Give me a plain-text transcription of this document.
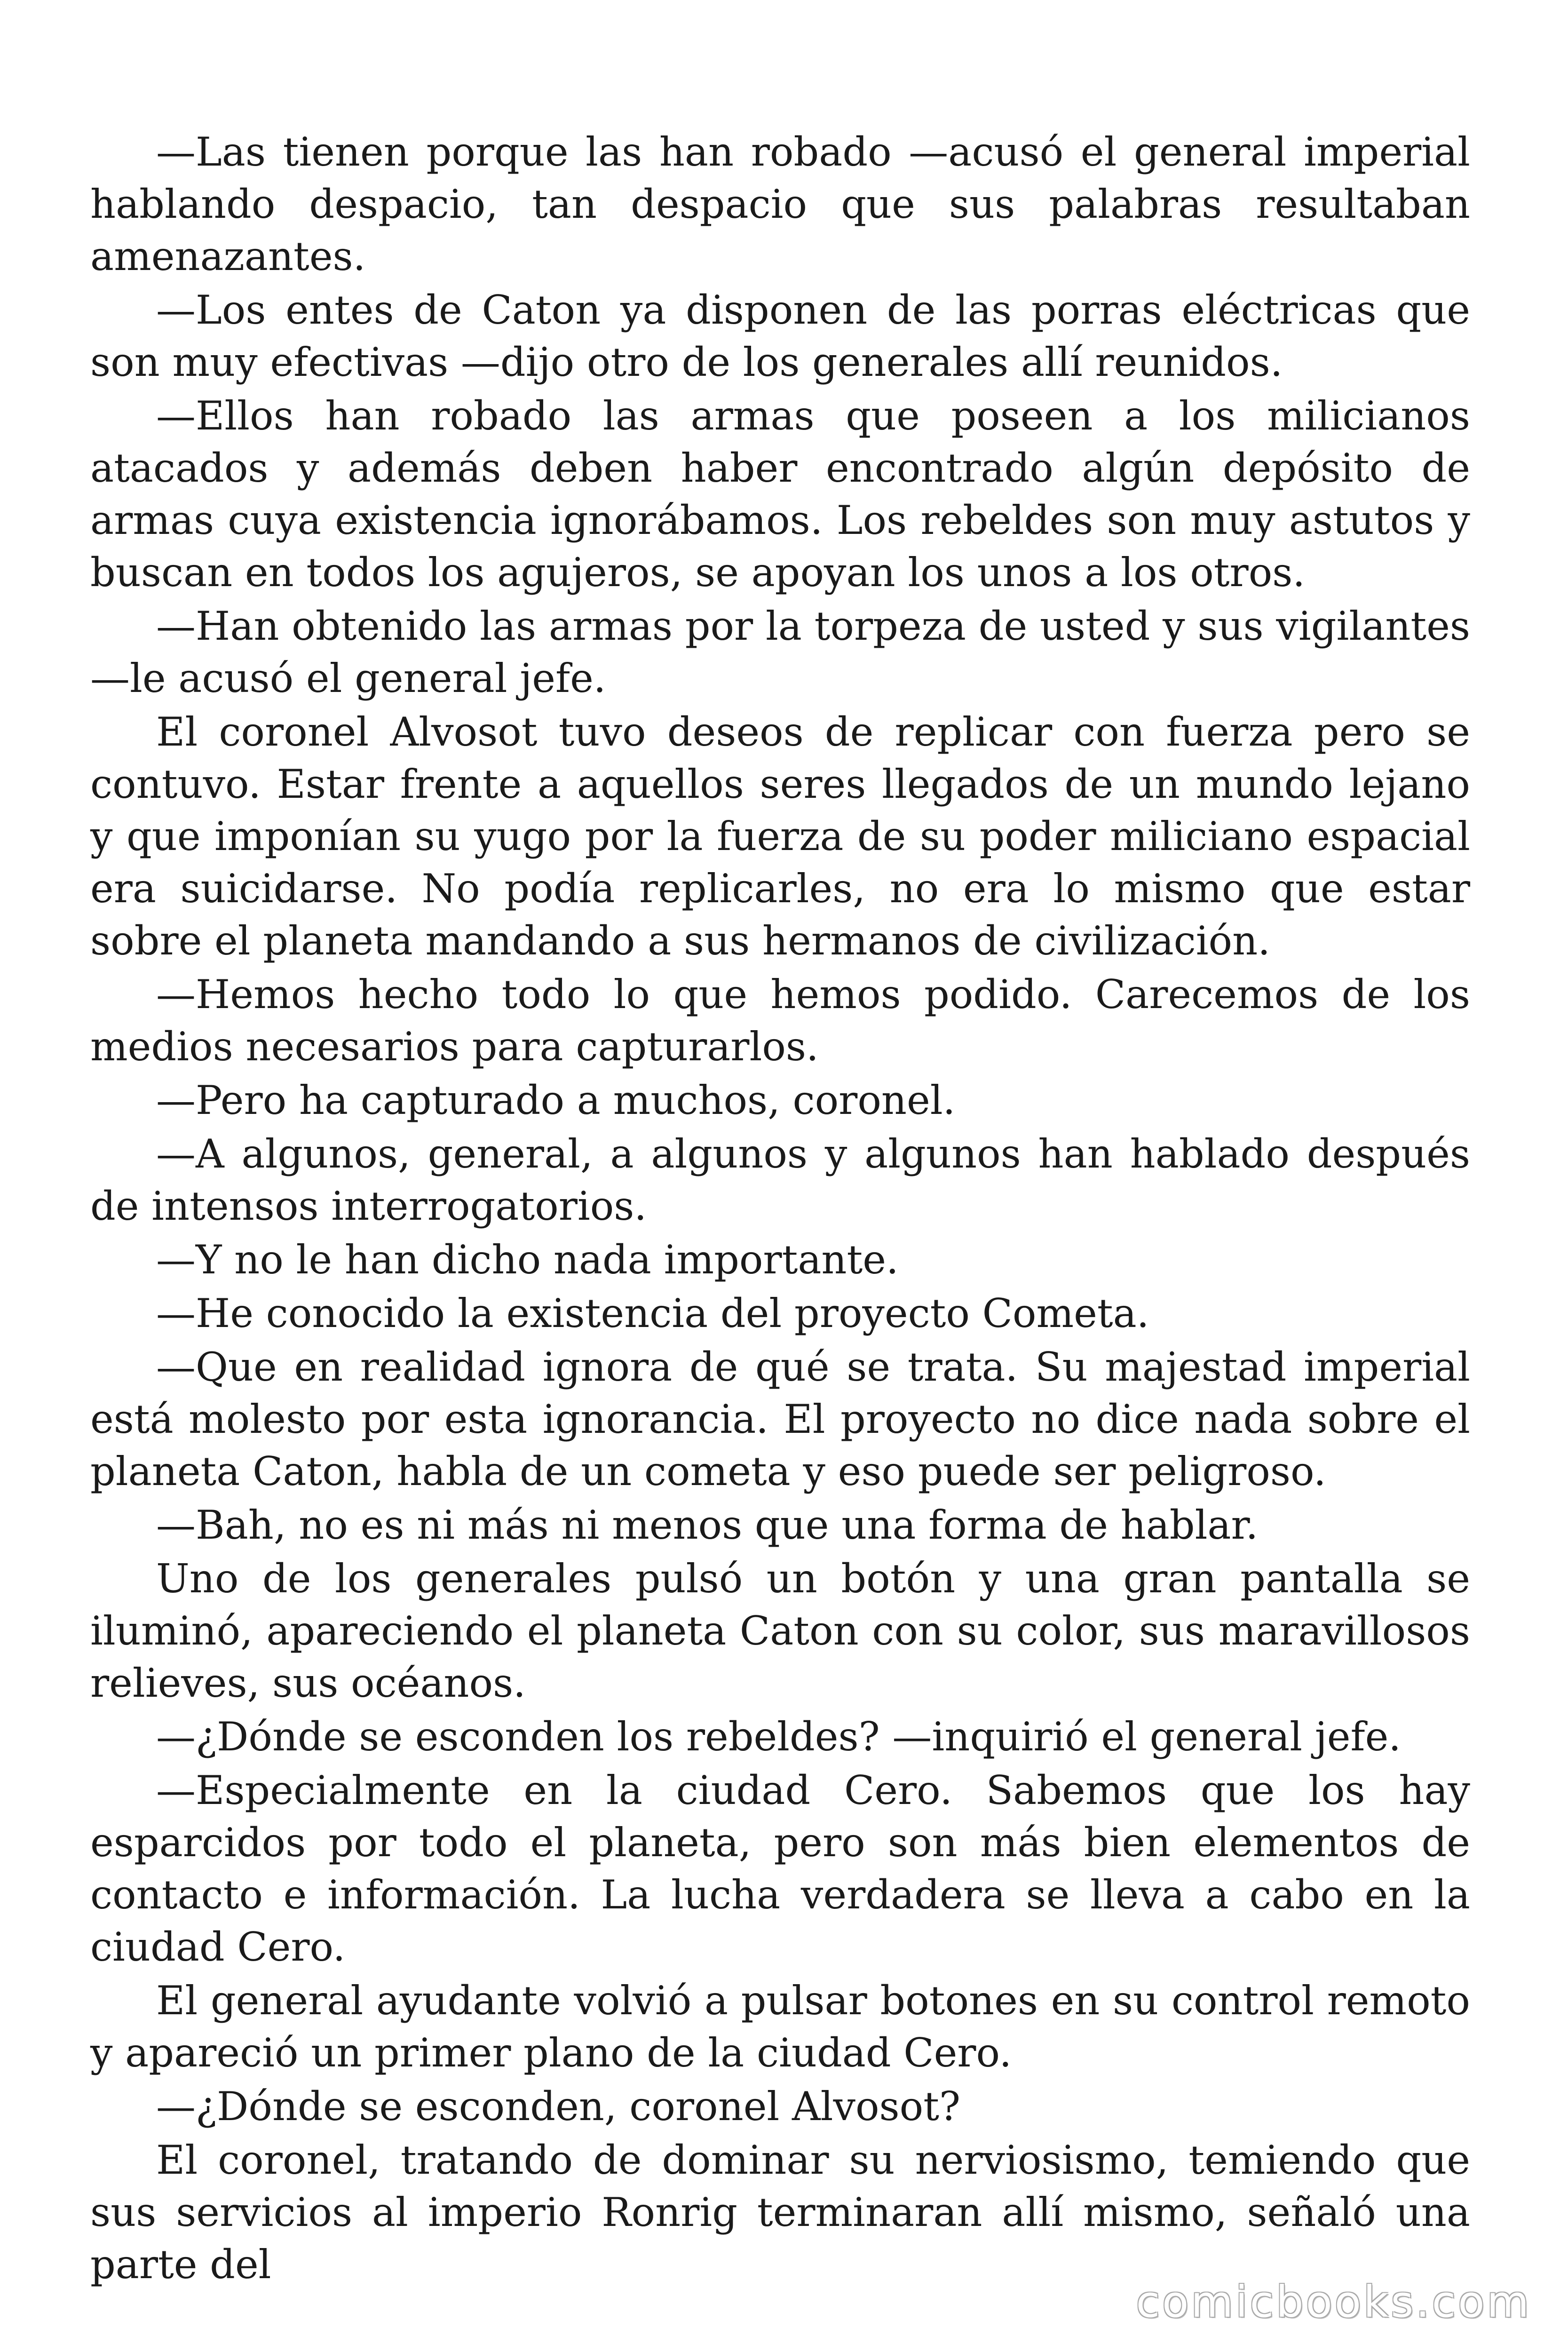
—Las tienen porque las han robado —acusó el general imperial hablando despacio, tan despacio que sus palabras resultaban amenazantes.

—Los entes de Caton ya disponen de las porras eléctricas que son muy efectivas —dijo otro de los generales allí reunidos.

—Ellos han robado las armas que poseen a los milicianos atacados y además deben haber encontrado algún depósito de armas cuya existencia ignorábamos. Los rebeldes son muy astutos y buscan en todos los agujeros, se apoyan los unos a los otros.

—Han obtenido las armas por la torpeza de usted y sus vigilantes —le acusó el general jefe.

El coronel Alvosot tuvo deseos de replicar con fuerza pero se contuvo. Estar frente a aquellos seres llegados de un mundo lejano y que imponían su yugo por la fuerza de su poder miliciano espacial era suicidarse. No podía replicarles, no era lo mismo que estar sobre el planeta mandando a sus hermanos de civilización.

—Hemos hecho todo lo que hemos podido. Carecemos de los medios necesarios para capturarlos.

—Pero ha capturado a muchos, coronel.

—A algunos, general, a algunos y algunos han hablado después de intensos interrogatorios.

—Y no le han dicho nada importante.

—He conocido la existencia del proyecto Cometa.

—Que en realidad ignora de qué se trata. Su majestad imperial está molesto por esta ignorancia. El proyecto no dice nada sobre el planeta Caton, habla de un cometa y eso puede ser peligroso.

—Bah, no es ni más ni menos que una forma de hablar.

Uno de los generales pulsó un botón y una gran pantalla se iluminó, apareciendo el planeta Caton con su color, sus maravillosos relieves, sus océanos.

—¿Dónde se esconden los rebeldes? —inquirió el general jefe.

—Especialmente en la ciudad Cero. Sabemos que los hay esparcidos por todo el planeta, pero son más bien elementos de contacto e información. La lucha verdadera se lleva a cabo en la ciudad Cero.

El general ayudante volvió a pulsar botones en su control remoto y apareció un primer plano de la ciudad Cero.

—¿Dónde se esconden, coronel Alvosot?

El coronel, tratando de dominar su nerviosismo, temiendo que sus servicios al imperio Ronrig terminaran allí mismo, señaló una parte del

comicbooks.com
